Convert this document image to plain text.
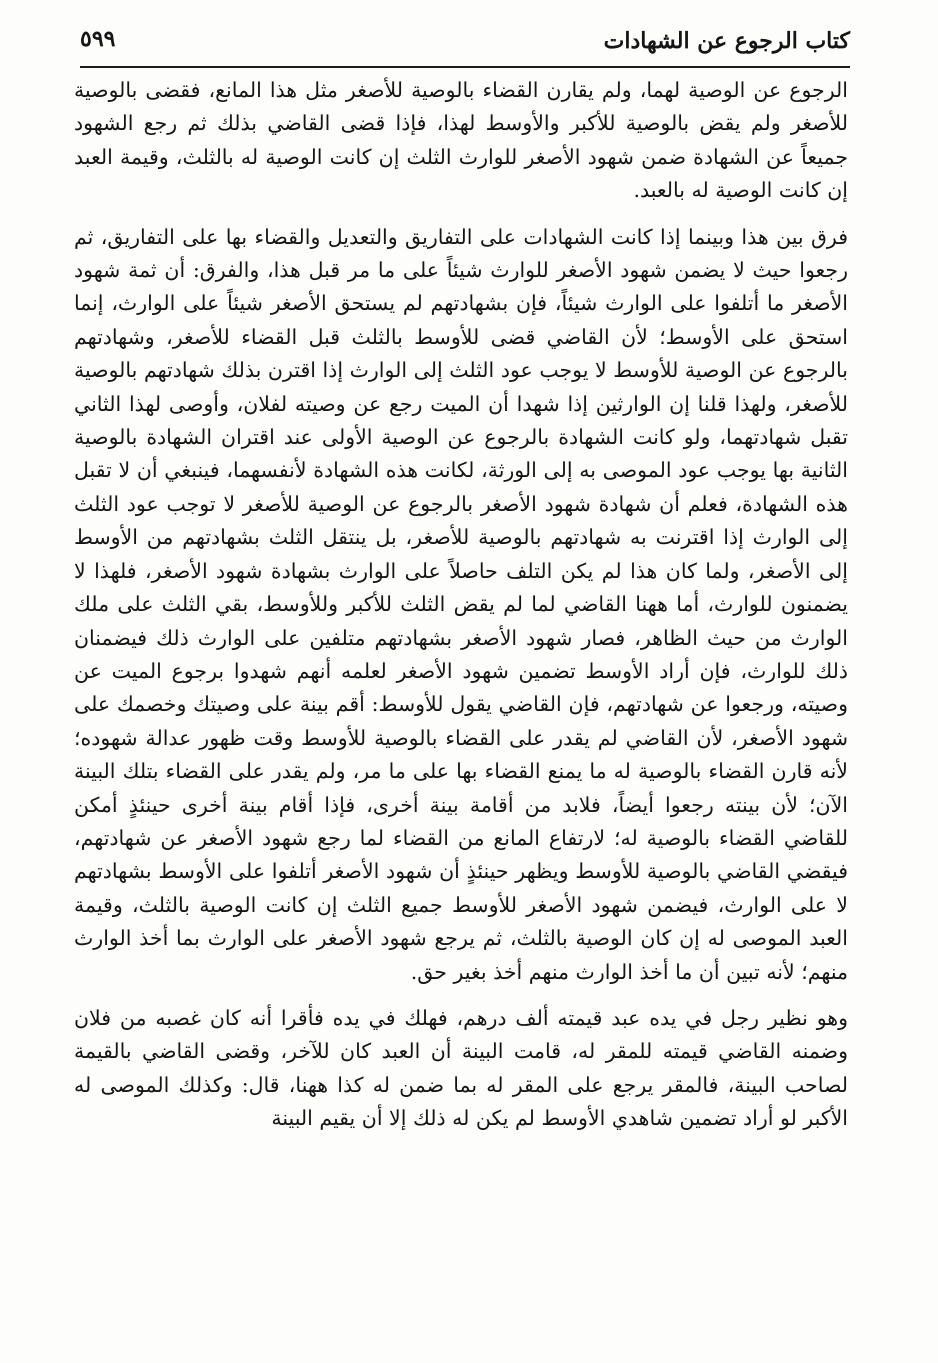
كتاب الرجوع عن الشهادات
٥٩٩

الرجوع عن الوصية لهما، ولم يقارن القضاء بالوصية للأصغر مثل هذا المانع، فقضى بالوصية للأصغر ولم يقض بالوصية للأكبر والأوسط لهذا، فإذا قضى القاضي بذلك ثم رجع الشهود جميعاً عن الشهادة ضمن شهود الأصغر للوارث الثلث إن كانت الوصية له بالثلث، وقيمة العبد إن كانت الوصية له بالعبد.

فرق بين هذا وبينما إذا كانت الشهادات على التفاريق والتعديل والقضاء بها على التفاريق، ثم رجعوا حيث لا يضمن شهود الأصغر للوارث شيئاً على ما مر قبل هذا، والفرق: أن ثمة شهود الأصغر ما أتلفوا على الوارث شيئاً، فإن بشهادتهم لم يستحق الأصغر شيئاً على الوارث، إنما استحق على الأوسط؛ لأن القاضي قضى للأوسط بالثلث قبل القضاء للأصغر، وشهادتهم بالرجوع عن الوصية للأوسط لا يوجب عود الثلث إلى الوارث إذا اقترن بذلك شهادتهم بالوصية للأصغر، ولهذا قلنا إن الوارثين إذا شهدا أن الميت رجع عن وصيته لفلان، وأوصى لهذا الثاني تقبل شهادتهما، ولو كانت الشهادة بالرجوع عن الوصية الأولى عند اقتران الشهادة بالوصية الثانية بها يوجب عود الموصى به إلى الورثة، لكانت هذه الشهادة لأنفسهما، فينبغي أن لا تقبل هذه الشهادة، فعلم أن شهادة شهود الأصغر بالرجوع عن الوصية للأصغر لا توجب عود الثلث إلى الوارث إذا اقترنت به شهادتهم بالوصية للأصغر، بل ينتقل الثلث بشهادتهم من الأوسط إلى الأصغر، ولما كان هذا لم يكن التلف حاصلاً على الوارث بشهادة شهود الأصغر، فلهذا لا يضمنون للوارث، أما ههنا القاضي لما لم يقض الثلث للأكبر وللأوسط، بقي الثلث على ملك الوارث من حيث الظاهر، فصار شهود الأصغر بشهادتهم متلفين على الوارث ذلك فيضمنان ذلك للوارث، فإن أراد الأوسط تضمين شهود الأصغر لعلمه أنهم شهدوا برجوع الميت عن وصيته، ورجعوا عن شهادتهم، فإن القاضي يقول للأوسط: أقم بينة على وصيتك وخصمك على شهود الأصغر، لأن القاضي لم يقدر على القضاء بالوصية للأوسط وقت ظهور عدالة شهوده؛ لأنه قارن القضاء بالوصية له ما يمنع القضاء بها على ما مر، ولم يقدر على القضاء بتلك البينة الآن؛ لأن بينته رجعوا أيضاً، فلابد من أقامة بينة أخرى، فإذا أقام بينة أخرى حينئذٍ أمكن للقاضي القضاء بالوصية له؛ لارتفاع المانع من القضاء لما رجع شهود الأصغر عن شهادتهم، فيقضي القاضي بالوصية للأوسط ويظهر حينئذٍ أن شهود الأصغر أتلفوا على الأوسط بشهادتهم لا على الوارث، فيضمن شهود الأصغر للأوسط جميع الثلث إن كانت الوصية بالثلث، وقيمة العبد الموصى له إن كان الوصية بالثلث، ثم يرجع شهود الأصغر على الوارث بما أخذ الوارث منهم؛ لأنه تبين أن ما أخذ الوارث منهم أخذ بغير حق.

وهو نظير رجل في يده عبد قيمته ألف درهم، فهلك في يده فأقرا أنه كان غصبه من فلان وضمنه القاضي قيمته للمقر له، قامت البينة أن العبد كان للآخر، وقضى القاضي بالقيمة لصاحب البينة، فالمقر يرجع على المقر له بما ضمن له كذا ههنا، قال: وكذلك الموصى له الأكبر لو أراد تضمين شاهدي الأوسط لم يكن له ذلك إلا أن يقيم البينة
